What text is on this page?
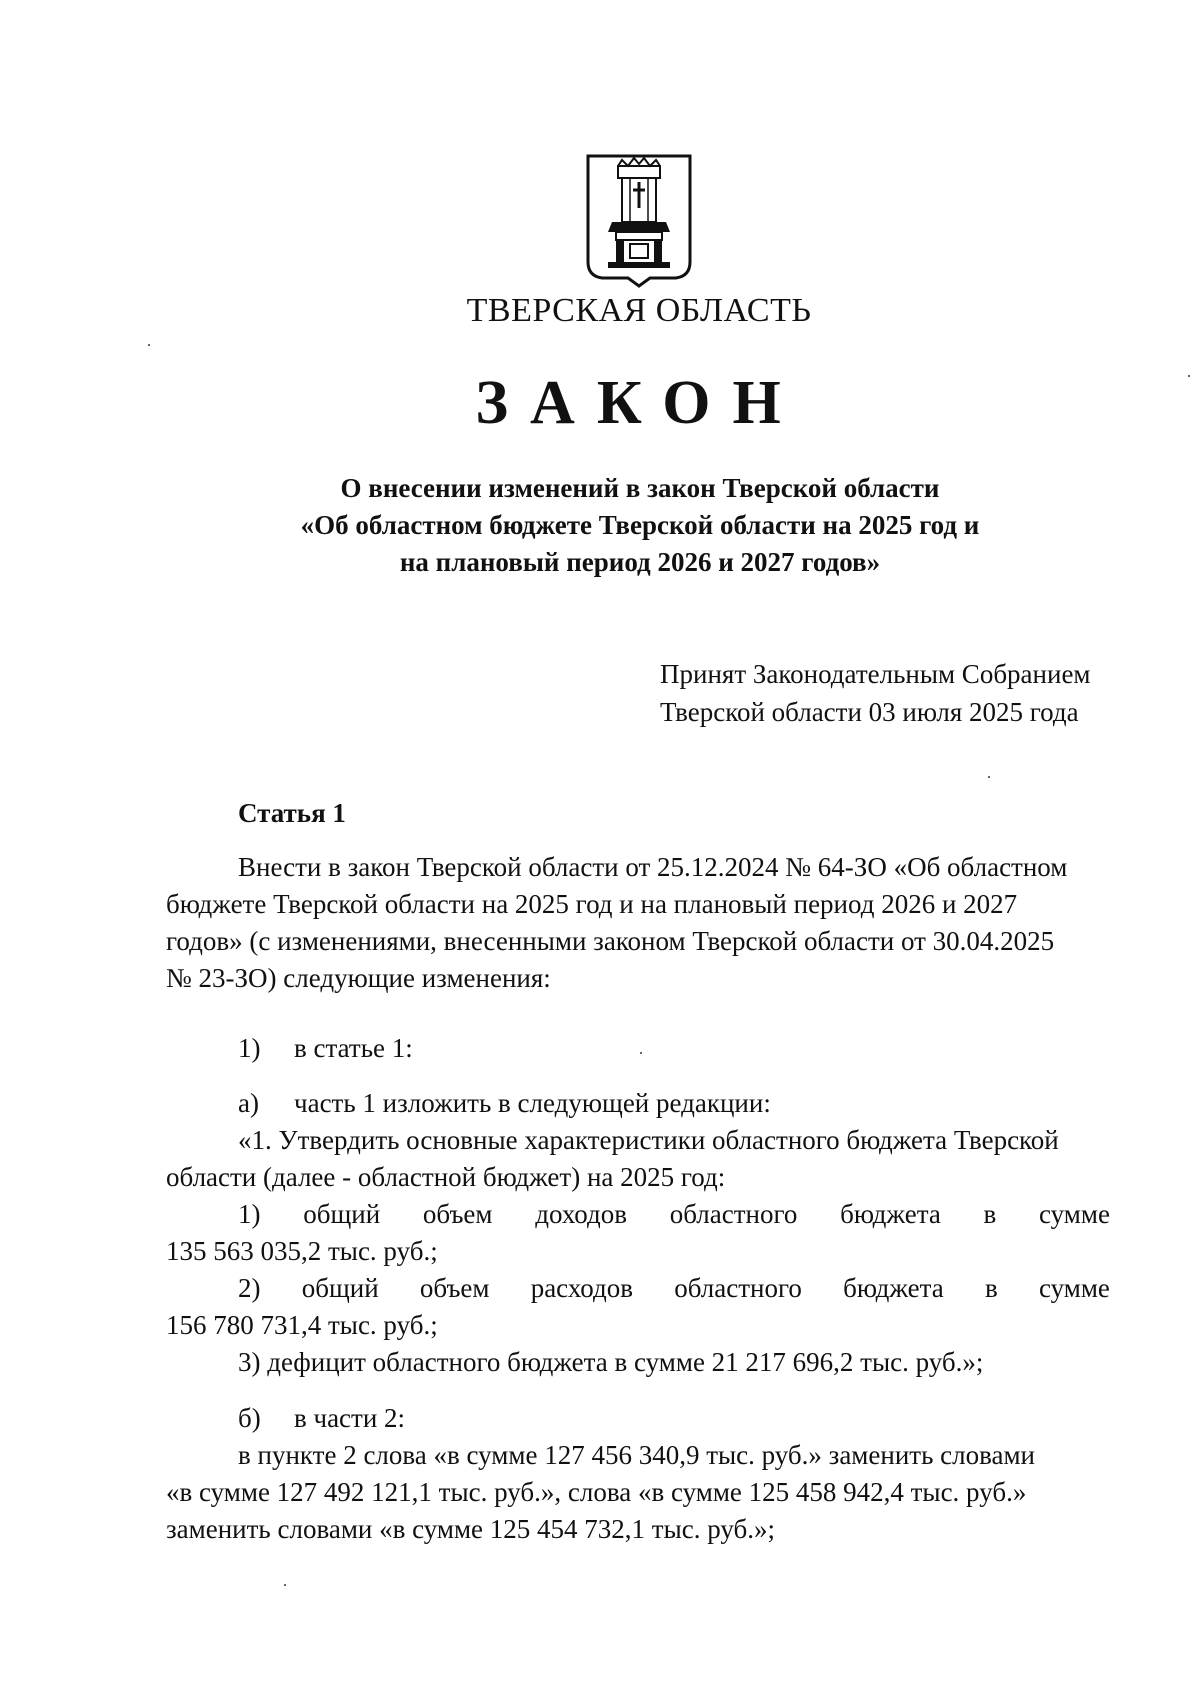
ТВЕРСКАЯ ОБЛАСТЬ
ЗАКОН
О внесении изменений в закон Тверской области
«Об областном бюджете Тверской области на 2025 год и
на плановый период 2026 и 2027 годов»
Принят Законодательным Собранием
Тверской области 03 июля 2025 года
Статья 1
Внести в закон Тверской области от 25.12.2024 № 64-ЗО «Об областном
бюджете Тверской области на 2025 год и на плановый период 2026 и 2027
годов» (с изменениями, внесенными законом Тверской области от 30.04.2025
№ 23-ЗО) следующие изменения:
1) в статье 1:
а) часть 1 изложить в следующей редакции:
«1. Утвердить основные характеристики областного бюджета Тверской
области (далее - областной бюджет) на 2025 год:
1) общий объем доходов областного бюджета в сумме
135 563 035,2 тыс. руб.;
2) общий объем расходов областного бюджета в сумме
156 780 731,4 тыс. руб.;
3) дефицит областного бюджета в сумме 21 217 696,2 тыс. руб.»;
б) в части 2:
в пункте 2 слова «в сумме 127 456 340,9 тыс. руб.» заменить словами
«в сумме 127 492 121,1 тыс. руб.», слова «в сумме 125 458 942,4 тыс. руб.»
заменить словами «в сумме 125 454 732,1 тыс. руб.»;
